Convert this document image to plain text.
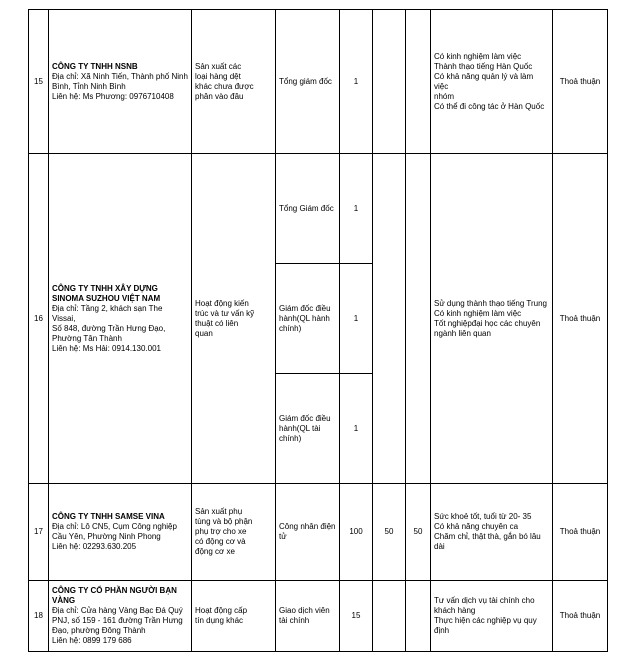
15	CÔNG TY TNHH NSNB
Địa chỉ: Xã Ninh Tiến, Thành phố Ninh
Bình, Tỉnh Ninh Bình
Liên hệ: Ms Phương: 0976710408	Sản xuất các
loại hàng dệt
khác chưa được
phân vào đâu	Tổng giám đốc	1			Có kinh nghiệm làm việc
Thành thạo tiếng Hàn Quốc
Có khả năng quản lý và làm việc
nhóm
Có thể đi công tác ở Hàn Quốc	Thoả thuận
16	CÔNG TY TNHH XÂY DỰNG SINOMA SUZHOU VIỆT NAM
Địa chỉ: Tầng 2, khách sạn The Vissai,
Số 848, đường Trần Hưng Đạo,
Phường Tân Thành
Liên hệ: Ms Hải: 0914.130.001	Hoạt động kiến
trúc và tư vấn kỹ
thuật có liên
quan	Tổng Giám đốc	1			Sử dụng thành thạo tiếng Trung
Có kinh nghiệm làm việc
Tốt nghiệpđại học các chuyên
ngành liên quan	Thoả thuận

			Giám đốc điều
hành(QL hành
chính)	1				

			Giám đốc điều
hành(QL tài
chính)	1				
17	CÔNG TY TNHH SAMSE VINA
Địa chỉ: Lô CN5, Cụm Công nghiệp
Cầu Yên, Phường Ninh Phong
Liên hệ: 02293.630.205	Sản xuất phụ
tùng và bộ phận
phụ trợ cho xe
có động cơ và
động cơ xe	Công nhân điện
tử	100	50	50	Sức khoẻ tốt, tuổi từ 20- 35
Có khả năng chuyên ca
Chăm chỉ, thật thà, gắn bó lâu dài	Thoả thuận
18	CÔNG TY CỔ PHẦN NGƯỜI BẠN VÀNG
Địa chỉ: Cửa hàng Vàng Bạc Đá Quý
PNJ, số 159 - 161 đường Trần Hưng
Đạo, phường Đông Thành
Liên hệ: 0899 179 686	Hoạt động cấp
tín dụng khác	Giao dịch viên
tài chính	15			Tư vấn dịch vụ tài chính cho
khách hàng
Thực hiện các nghiệp vụ quy định	Thoả thuận
